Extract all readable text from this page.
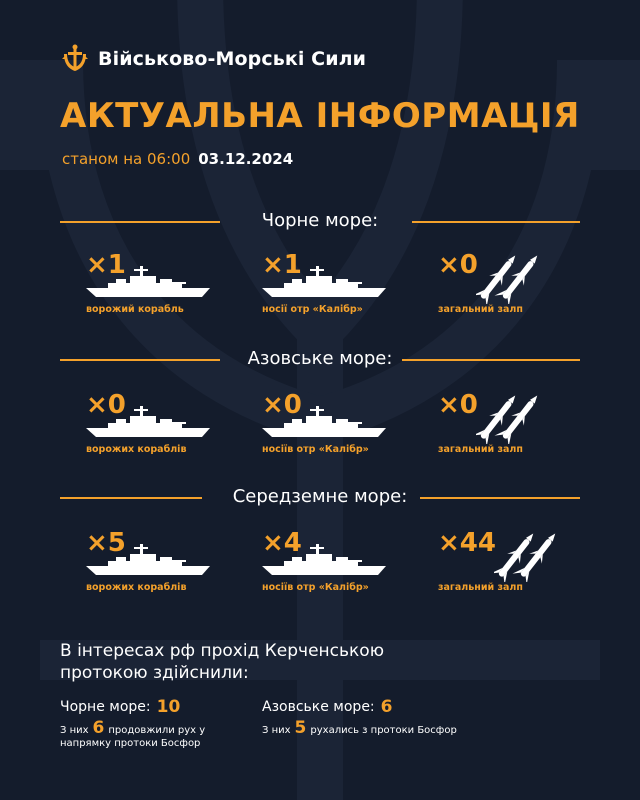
Військово-Морські Сили
АКТУАЛЬНА ІНФОРМАЦІЯ
станом на 06:00 03.12.2024
Чорне море:
×1
ворожий корабль
×1
носії отр «Калібр»
×0
загальний залп
Азовське море:
×0
ворожих кораблів
×0
носіїв отр «Калібр»
×0
загальний залп
Середземне море:
×5
ворожих кораблів
×4
носіїв отр «Калібр»
×44
загальний залп
В інтересах рф прохід Керченською протокою здійснили:
Чорне море: 10
З них 6 продовжили рух у напрямку протоки Босфор
Азовське море: 6
З них 5 рухались з протоки Босфор
